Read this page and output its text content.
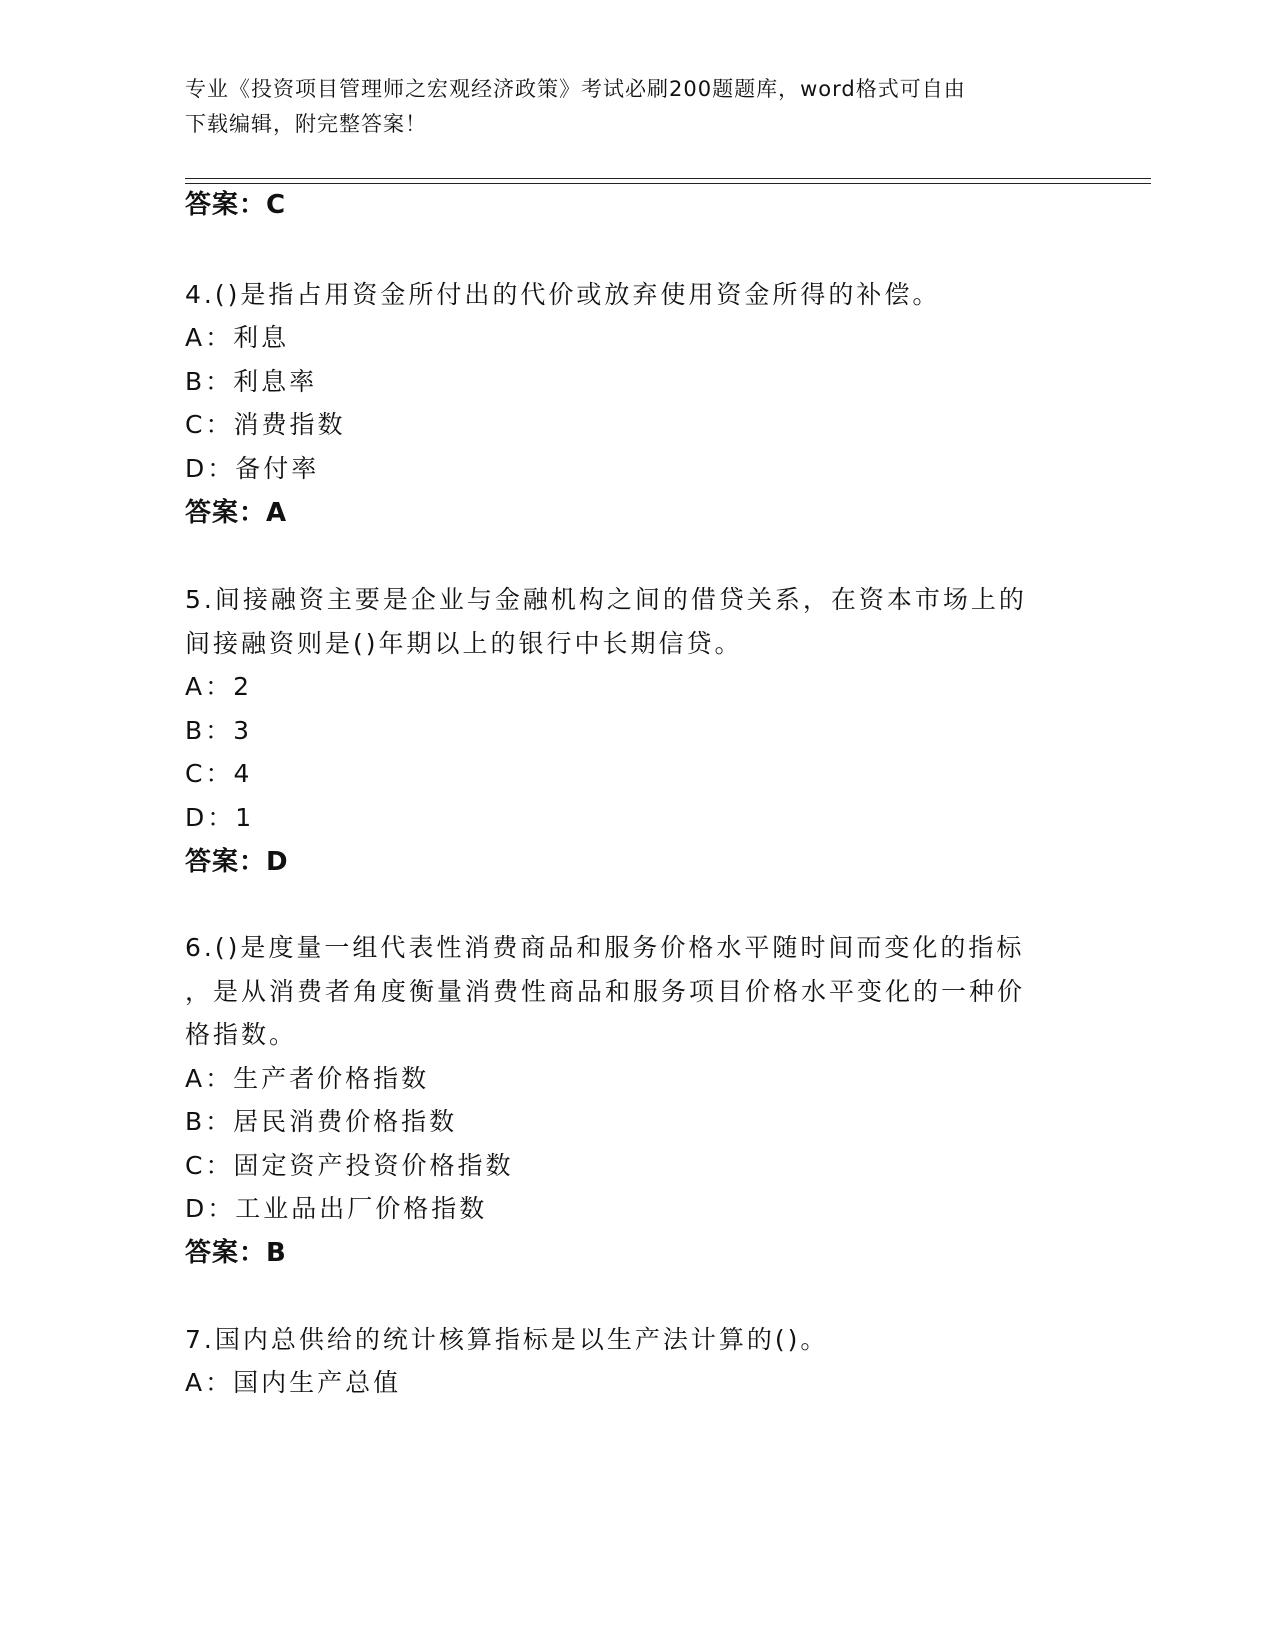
专业《投资项目管理师之宏观经济政策》考试必刷200题题库，word格式可自由
下载编辑，附完整答案！
答案：C
4.()是指占用资金所付出的代价或放弃使用资金所得的补偿。
A：利息
B：利息率
C：消费指数
D：备付率
答案：A
5.间接融资主要是企业与金融机构之间的借贷关系，在资本市场上的
间接融资则是()年期以上的银行中长期信贷。
A：2
B：3
C：4
D：1
答案：D
6.()是度量一组代表性消费商品和服务价格水平随时间而变化的指标
，是从消费者角度衡量消费性商品和服务项目价格水平变化的一种价
格指数。
A：生产者价格指数
B：居民消费价格指数
C：固定资产投资价格指数
D：工业品出厂价格指数
答案：B
7.国内总供给的统计核算指标是以生产法计算的()。
A：国内生产总值
